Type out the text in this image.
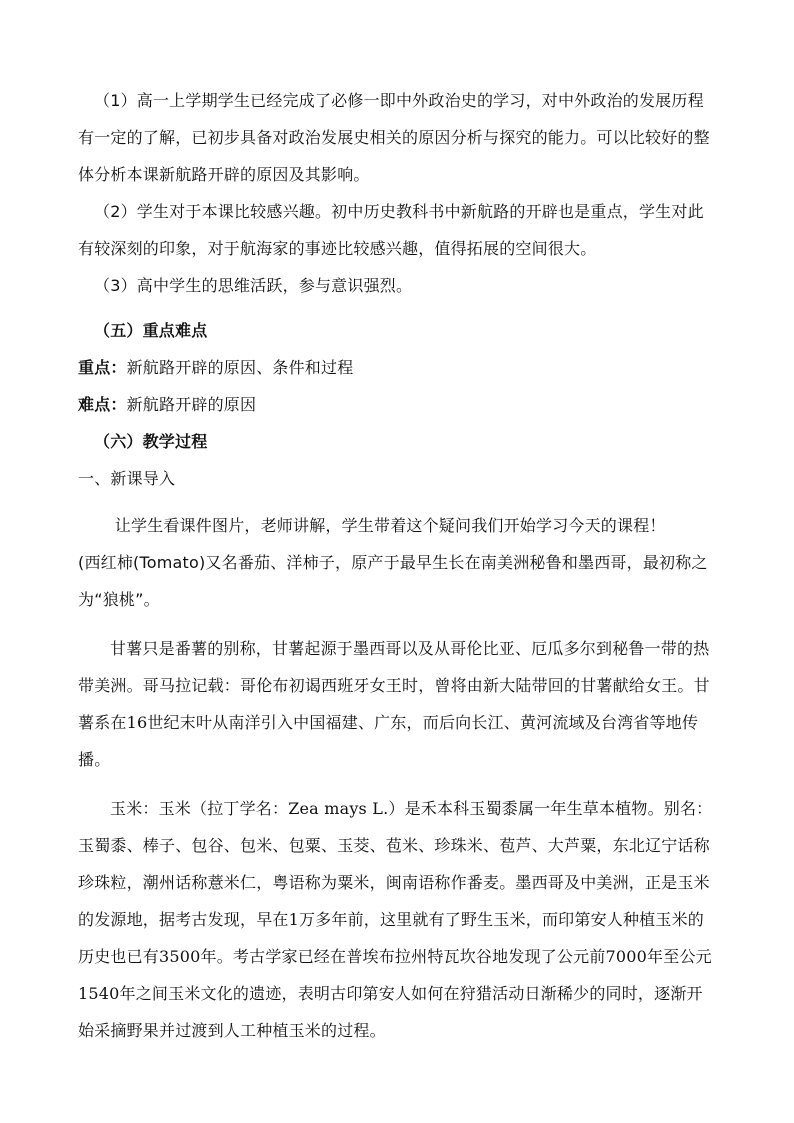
（1）高一上学期学生已经完成了必修一即中外政治史的学习，对中外政治的发展历程有一定的了解，已初步具备对政治发展史相关的原因分析与探究的能力。可以比较好的整体分析本课新航路开辟的原因及其影响。

（2）学生对于本课比较感兴趣。初中历史教科书中新航路的开辟也是重点，学生对此有较深刻的印象，对于航海家的事迹比较感兴趣，值得拓展的空间很大。

（3）高中学生的思维活跃，参与意识强烈。

（五）重点难点

重点：新航路开辟的原因、条件和过程

难点：新航路开辟的原因

（六）教学过程

一、新课导入

让学生看课件图片，老师讲解，学生带着这个疑问我们开始学习今天的课程！

(西红柿(Tomato)又名番茄、洋柿子，原产于最早生长在南美洲秘鲁和墨西哥，最初称之为“狼桃”。

甘薯只是番薯的别称，甘薯起源于墨西哥以及从哥伦比亚、厄瓜多尔到秘鲁一带的热带美洲。哥马拉记载：哥伦布初谒西班牙女王时，曾将由新大陆带回的甘薯献给女王。甘薯系在16世纪末叶从南洋引入中国福建、广东，而后向长江、黄河流域及台湾省等地传播。

玉米：玉米（拉丁学名：Zea mays L.）是禾本科玉蜀黍属一年生草本植物。别名：玉蜀黍、棒子、包谷、包米、包粟、玉茭、苞米、珍珠米、苞芦、大芦粟，东北辽宁话称珍珠粒，潮州话称薏米仁，粤语称为粟米，闽南语称作番麦。墨西哥及中美洲，正是玉米的发源地，据考古发现，早在1万多年前，这里就有了野生玉米，而印第安人种植玉米的历史也已有3500年。考古学家已经在普埃布拉州特瓦坎谷地发现了公元前7000年至公元1540年之间玉米文化的遗迹，表明古印第安人如何在狩猎活动日渐稀少的同时，逐渐开始采摘野果并过渡到人工种植玉米的过程。
